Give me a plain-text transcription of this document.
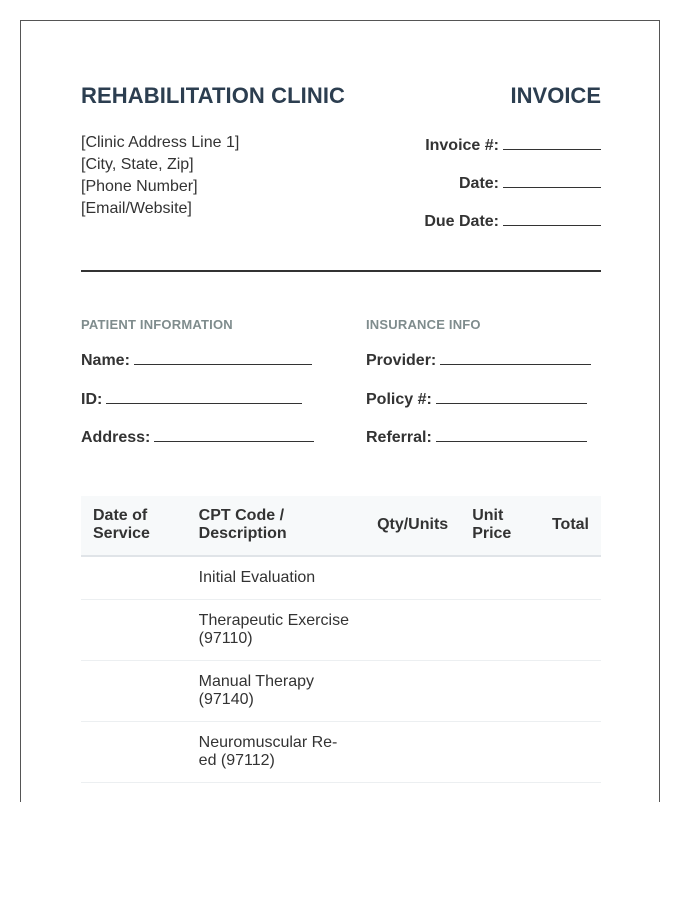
REHABILITATION CLINIC	INVOICE
[Clinic Address Line 1]
[City, State, Zip]
[Phone Number]
[Email/Website]
Invoice #:
Date:
Due Date:
PATIENT INFORMATION
Name:
ID:
Address:
INSURANCE INFO
Provider:
Policy #:
Referral:
Date of Service	CPT Code / Description	Qty/Units	Unit Price	Total
	Initial Evaluation			
	Therapeutic Exercise (97110)			
	Manual Therapy (97140)			
	Neuromuscular Re-ed (97112)			
